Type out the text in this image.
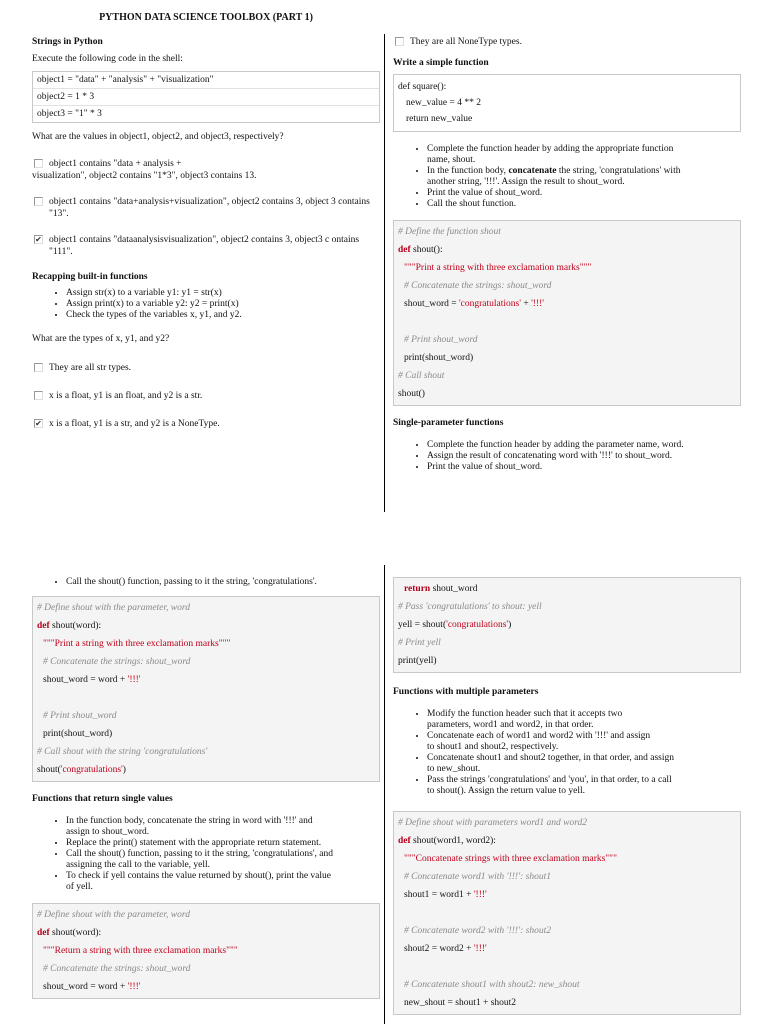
PYTHON DATA SCIENCE TOOLBOX (PART 1)
Strings in Python

Execute the following code in the shell:

object1 = "data" + "analysis" + "visualization"
object2 = 1 * 3
object3 = "1" * 3

What are the values in object1, object2, and object3, respectively?

object1 contains "data + analysis +
visualization", object2 contains "1*3", object3 contains 13.
object1 contains "data+analysis+visualization", object2 contains 3, object 3 contains "13".
✔ object1 contains "dataanalysisvisualization", object2 contains 3, object3 c ontains "111".
Recapping built-in functions
• Assign str(x) to a variable y1: y1 = str(x)
• Assign print(x) to a variable y2: y2 = print(x)
• Check the types of the variables x, y1, and y2.

What are the types of x, y1, and y2?

They are all str types.
x is a float, y1 is an float, and y2 is a str.
✔ x is a float, y1 is a str, and y2 is a NoneType.
They are all NoneType types.
Write a simple function
def square():
new_value = 4 ** 2
return new_value
• Complete the function header by adding the appropriate function
name, shout.
• In the function body, concatenate the string, 'congratulations' with
another string, '!!!'. Assign the result to shout_word.
• Print the value of shout_word.
• Call the shout function.
# Define the function shout
def shout():
"""Print a string with three exclamation marks"""
# Concatenate the strings: shout_word
shout_word = 'congratulations' + '!!!'
# Print shout_word
print(shout_word)
# Call shout
shout()
Single-parameter functions
• Complete the function header by adding the parameter name, word.
• Assign the result of concatenating word with '!!!' to shout_word.
• Print the value of shout_word.
• Call the shout() function, passing to it the string, 'congratulations'.
# Define shout with the parameter, word
def shout(word):
"""Print a string with three exclamation marks"""
# Concatenate the strings: shout_word
shout_word = word + '!!!'
# Print shout_word
print(shout_word)
# Call shout with the string 'congratulations'
shout('congratulations')
Functions that return single values
• In the function body, concatenate the string in word with '!!!' and
assign to shout_word.
• Replace the print() statement with the appropriate return statement.
• Call the shout() function, passing to it the string, 'congratulations', and
assigning the call to the variable, yell.
• To check if yell contains the value returned by shout(), print the value
of yell.
# Define shout with the parameter, word
def shout(word):
"""Return a string with three exclamation marks"""
# Concatenate the strings: shout_word
shout_word = word + '!!!'
return shout_word
# Pass 'congratulations' to shout: yell
yell = shout('congratulations')
# Print yell
print(yell)
Functions with multiple parameters
• Modify the function header such that it accepts two
parameters, word1 and word2, in that order.
• Concatenate each of word1 and word2 with '!!!' and assign
to shout1 and shout2, respectively.
• Concatenate shout1 and shout2 together, in that order, and assign
to new_shout.
• Pass the strings 'congratulations' and 'you', in that order, to a call
to shout(). Assign the return value to yell.
# Define shout with parameters word1 and word2
def shout(word1, word2):
"""Concatenate strings with three exclamation marks"""
# Concatenate word1 with '!!!': shout1
shout1 = word1 + '!!!'
# Concatenate word2 with '!!!': shout2
shout2 = word2 + '!!!'
# Concatenate shout1 with shout2: new_shout
new_shout = shout1 + shout2
